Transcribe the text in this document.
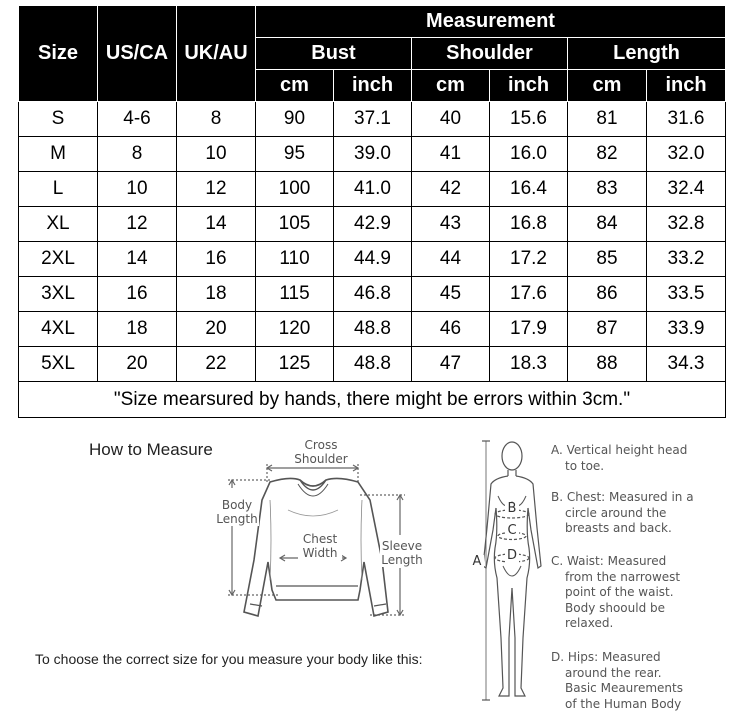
Size	US/CA	UK/AU	Measurement					
			Bust		Shoulder		Length	
			cm	inch	cm	inch	cm	inch
S	4-6	8	90	37.1	40	15.6	81	31.6
M	8	10	95	39.0	41	16.0	82	32.0
L	10	12	100	41.0	42	16.4	83	32.4
XL	12	14	105	42.9	43	16.8	84	32.8
2XL	14	16	110	44.9	44	17.2	85	33.2
3XL	16	18	115	46.8	45	17.6	86	33.5
4XL	18	20	120	48.8	46	17.9	87	33.9
5XL	20	22	125	48.8	47	18.3	88	34.3
"Size mearsured by hands, there might be errors within 3cm."								
How to Measure	Cross
Shoulder
Body
Length
Chest
Width	Sleeve
Length
To choose the correct size for you measure your body like this:
B
C
D
A
A. Vertical height head
to toe.
B. Chest: Measured in a
circle around the
breasts and back.
C. Waist: Measured
from the narrowest
point of the waist.
Body shoould be
relaxed.
D. Hips: Measured
around the rear.
Basic Meaurements
of the Human Body
